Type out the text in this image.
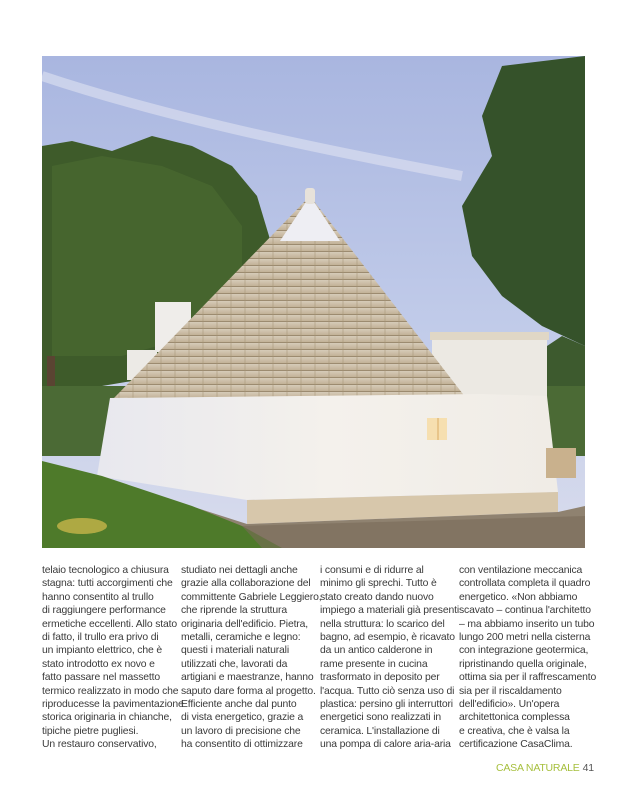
telaio tecnologico a chiusura

stagna: tutti accorgimenti che

hanno consentito al trullo

di raggiungere performance

ermetiche eccellenti. Allo stato

di fatto, il trullo era privo di

un impianto elettrico, che è

stato introdotto ex novo e

fatto passare nel massetto

termico realizzato in modo che

riproducesse la pavimentazione

storica originaria in chianche,

tipiche pietre pugliesi.

Un restauro conservativo,

studiato nei dettagli anche

grazie alla collaborazione del

committente Gabriele Leggiero,

che riprende la struttura

originaria dell'edificio. Pietra,

metalli, ceramiche e legno:

questi i materiali naturali

utilizzati che, lavorati da

artigiani e maestranze, hanno

saputo dare forma al progetto.

Efficiente anche dal punto

di vista energetico, grazie a

un lavoro di precisione che

ha consentito di ottimizzare

i consumi e di ridurre al

minimo gli sprechi. Tutto è

stato creato dando nuovo

impiego a materiali già presenti

nella struttura: lo scarico del

bagno, ad esempio, è ricavato

da un antico calderone in

rame presente in cucina

trasformato in deposito per

l'acqua. Tutto ciò senza uso di

plastica: persino gli interruttori

energetici sono realizzati in

ceramica. L'installazione di

una pompa di calore aria-aria

con ventilazione meccanica

controllata completa il quadro

energetico. «Non abbiamo

scavato – continua l'architetto

– ma abbiamo inserito un tubo

lungo 200 metri nella cisterna

con integrazione geotermica,

ripristinando quella originale,

ottima sia per il raffrescamento

sia per il riscaldamento

dell'edificio». Un'opera

architettonica complessa

e creativa, che è valsa la

certificazione CasaClima.

CASA NATURALE 41
